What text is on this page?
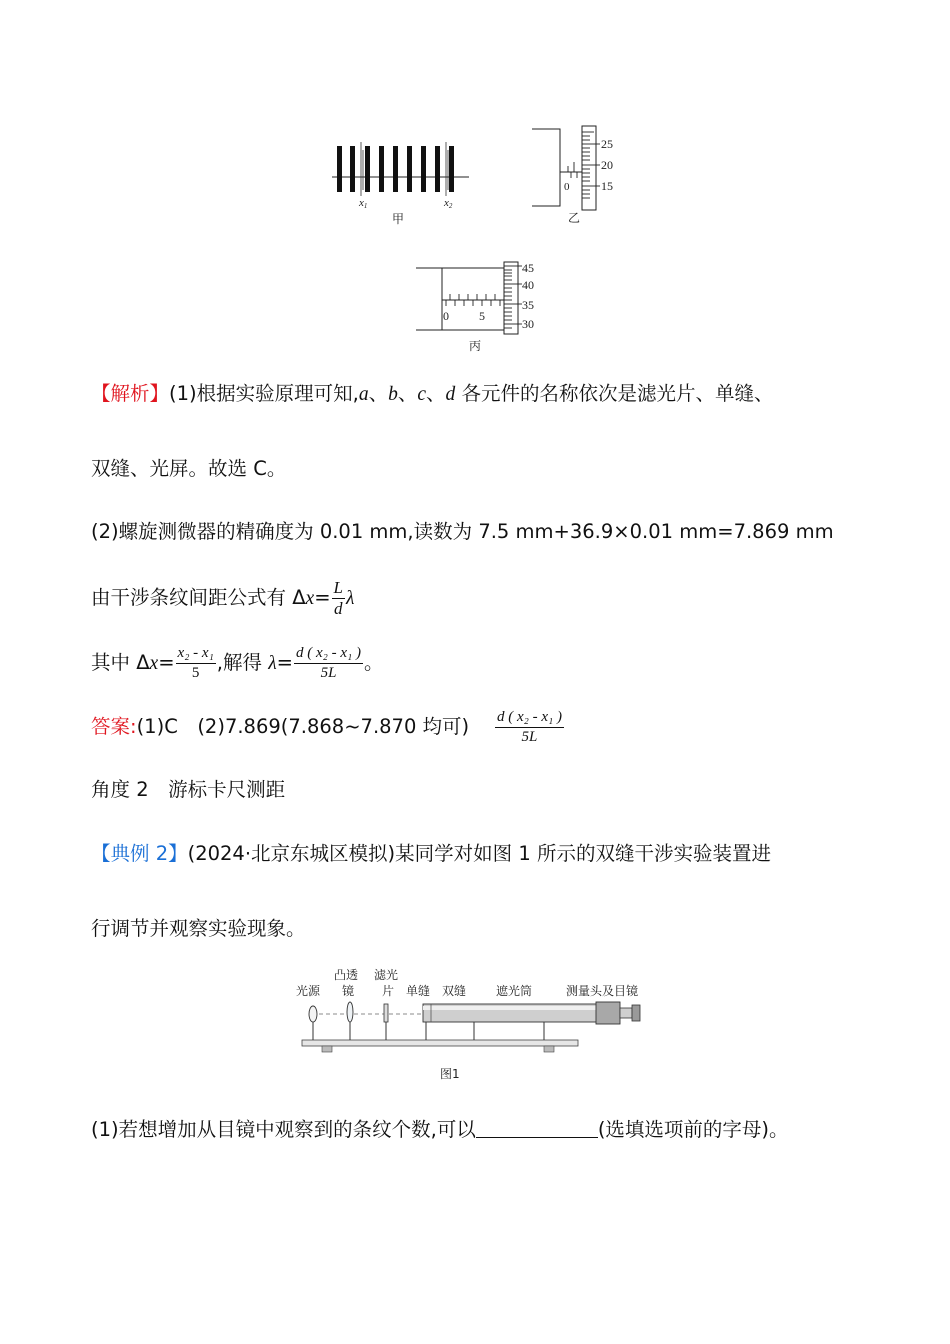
x1	x2
甲
25
20
15
0
乙
45
40
35
30
0	5
丙
【解析】(1)根据实验原理可知,a、b、c、d 各元件的名称依次是滤光片、单缝、
双缝、光屏。故选 C。
(2)螺旋测微器的精确度为 0.01 mm,读数为 7.5 mm+36.9×0.01 mm=7.869 mm
由干涉条纹间距公式有 $\Delta x= \frac{L}{d}$ λ
其中 $\Delta x= \frac{\text{x₂ - x₁}}{5}$ ,解得 $\lambda= \frac{\text{d ( x₂ - x₁ )}}{5L}$ 。
答案:(1)C　(2)7.869(7.868~7.870 均可) $\frac{\text{d ( x₂ - x₁ )}}{5L}$
角度 2　游标卡尺测距
【典例 2】(2024·北京东城区模拟)某同学对如图 1 所示的双缝干涉实验装置进
行调节并观察实验现象。
光源
凸透
镜
滤光
片 单缝 双缝 遮光筒	测量头及目镜
图1
(1)若想增加从目镜中观察到的条纹个数,可以	(选填选项前的字母)。
